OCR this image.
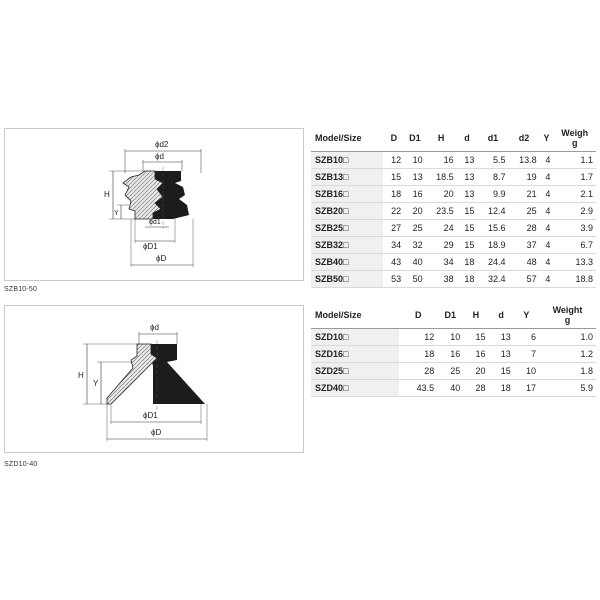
ϕd2
ϕd
H
Y
ϕd1
ϕD1
ϕD
SZB10-50
Model/Size	D	D1	H	d	d1	d2	Y	Weigh
g
SZB10□	12	10	16	13	5.5	13.8	4	1.1
SZB13□	15	13	18.5	13	8.7	19	4	1.7
SZB16□	18	16	20	13	9.9	21	4	2.1
SZB20□	22	20	23.5	15	12.4	25	4	2.9
SZB25□	27	25	24	15	15.6	28	4	3.9
SZB32□	34	32	29	15	18.9	37	4	6.7
SZB40□	43	40	34	18	24.4	48	4	13.3
SZB50□	53	50	38	18	32.4	57	4	18.8
ϕd
H
Y
ϕD1
ϕD
SZD10-40
Model/Size	D	D1	H	d	Y	Weight
g
SZD10□	12	10	15	13	6	1.0
SZD16□	18	16	16	13	7	1.2
SZD25□	28	25	20	15	10	1.8
SZD40□	43.5	40	28	18	17	5.9
